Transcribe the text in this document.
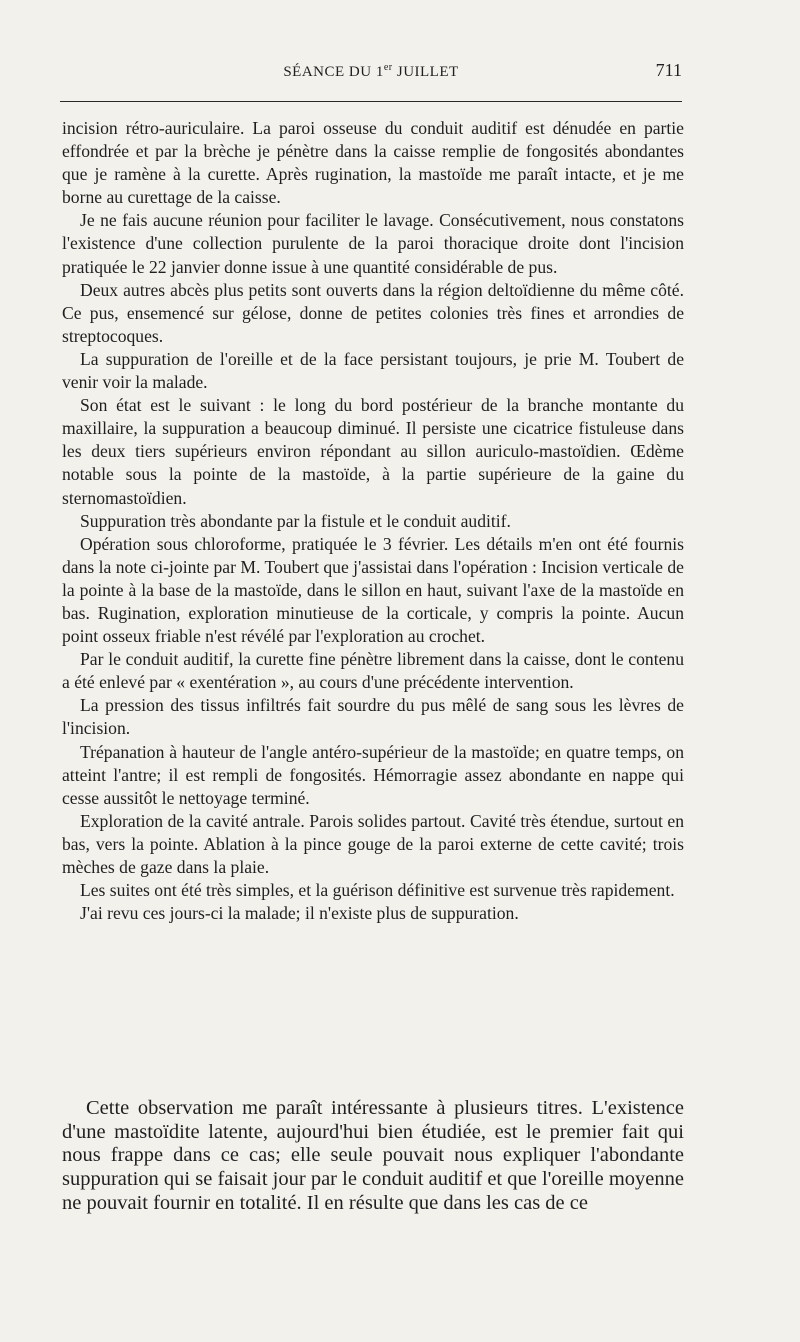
SÉANCE DU 1er JUILLET	711

incision rétro-auriculaire. La paroi osseuse du conduit auditif est dénudée en partie effondrée et par la brèche je pénètre dans la caisse remplie de fongosités abondantes que je ramène à la curette. Après rugination, la mastoïde me paraît intacte, et je me borne au curettage de la caisse.

Je ne fais aucune réunion pour faciliter le lavage. Consécutivement, nous constatons l'existence d'une collection purulente de la paroi thoracique droite dont l'incision pratiquée le 22 janvier donne issue à une quantité considérable de pus.

Deux autres abcès plus petits sont ouverts dans la région deltoïdienne du même côté. Ce pus, ensemencé sur gélose, donne de petites colonies très fines et arrondies de streptocoques.

La suppuration de l'oreille et de la face persistant toujours, je prie M. Toubert de venir voir la malade.

Son état est le suivant : le long du bord postérieur de la branche montante du maxillaire, la suppuration a beaucoup diminué. Il persiste une cicatrice fistuleuse dans les deux tiers supérieurs environ répondant au sillon auriculo-mastoïdien. Œdème notable sous la pointe de la mastoïde, à la partie supérieure de la gaine du sternomastoïdien.

Suppuration très abondante par la fistule et le conduit auditif.

Opération sous chloroforme, pratiquée le 3 février. Les détails m'en ont été fournis dans la note ci-jointe par M. Toubert que j'assistai dans l'opération : Incision verticale de la pointe à la base de la mastoïde, dans le sillon en haut, suivant l'axe de la mastoïde en bas. Rugination, exploration minutieuse de la corticale, y compris la pointe. Aucun point osseux friable n'est révélé par l'exploration au crochet.

Par le conduit auditif, la curette fine pénètre librement dans la caisse, dont le contenu a été enlevé par « exentération », au cours d'une précédente intervention.

La pression des tissus infiltrés fait sourdre du pus mêlé de sang sous les lèvres de l'incision.

Trépanation à hauteur de l'angle antéro-supérieur de la mastoïde; en quatre temps, on atteint l'antre; il est rempli de fongosités. Hémorragie assez abondante en nappe qui cesse aussitôt le nettoyage terminé.

Exploration de la cavité antrale. Parois solides partout. Cavité très étendue, surtout en bas, vers la pointe. Ablation à la pince gouge de la paroi externe de cette cavité; trois mèches de gaze dans la plaie.

Les suites ont été très simples, et la guérison définitive est survenue très rapidement.

J'ai revu ces jours-ci la malade; il n'existe plus de suppuration.

Cette observation me paraît intéressante à plusieurs titres. L'existence d'une mastoïdite latente, aujourd'hui bien étudiée, est le premier fait qui nous frappe dans ce cas; elle seule pouvait nous expliquer l'abondante suppuration qui se faisait jour par le conduit auditif et que l'oreille moyenne ne pouvait fournir en totalité. Il en résulte que dans les cas de ce
